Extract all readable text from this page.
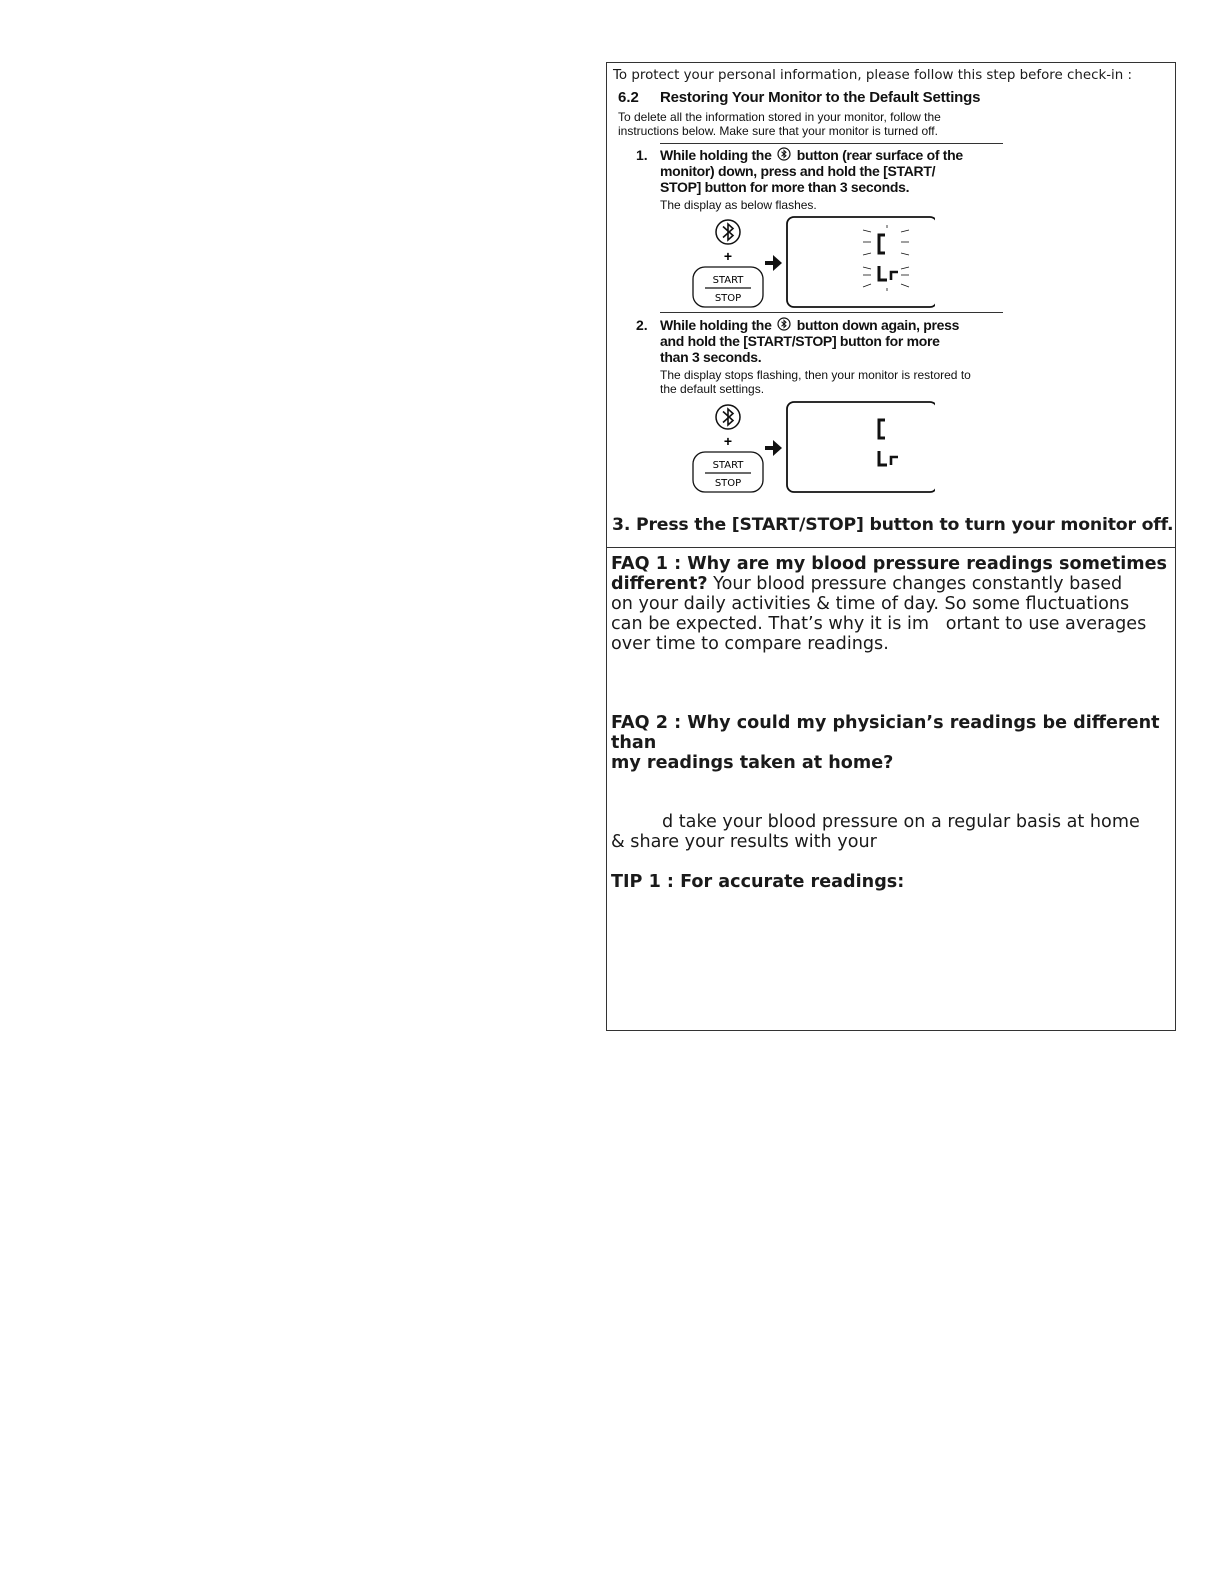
To protect your personal information, please follow this step before check-in :
6.2 Restoring Your Monitor to the Default Settings
To delete all the information stored in your monitor, follow the
instructions below. Make sure that your monitor is turned off.
1. While holding the button (rear surface of the
monitor) down, press and hold the [START/
STOP] button for more than 3 seconds.
The display as below flashes.
+
START
STOP
2. While holding the button down again, press
and hold the [START/STOP] button for more
than 3 seconds.
The display stops flashing, then your monitor is restored to
the default settings.
+
START
STOP
3. Press the [START/STOP] button to turn your monitor off.
FAQ 1 : Why are my blood pressure readings sometimes
different? Your blood pressure changes constantly based
on your daily activities & time of day. So some fluctuations
can be expected. That’s why it is im   ortant to use averages
over time to compare readings.
FAQ 2 : Why could my physician’s readings be different than
my readings taken at home?
d take your blood pressure on a regular basis at home
& share your results with your
TIP 1 : For accurate readings:
